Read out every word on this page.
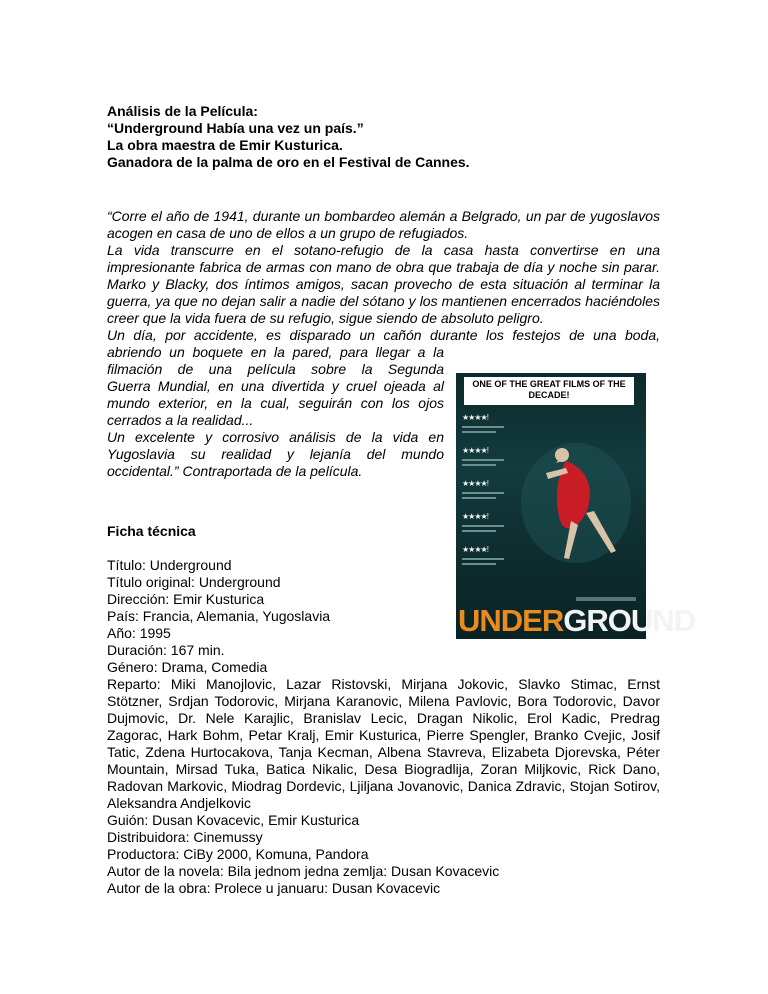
Análisis de la Película:

“Underground Había una vez un país.”

La obra maestra de Emir Kusturica.

Ganadora de la palma de oro en el Festival de Cannes.

“Corre el año de 1941, durante un bombardeo alemán a Belgrado, un par de yugoslavos acogen en casa de uno de ellos a un grupo de refugiados.

La vida transcurre en el sotano-refugio de la casa hasta convertirse en una impresionante fabrica de armas con mano de obra que trabaja de día y noche sin parar. Marko y Blacky, dos íntimos amigos, sacan provecho de esta situación al terminar la guerra, ya que no dejan salir a nadie del sótano y los mantienen encerrados haciéndoles creer que la vida fuera de su refugio, sigue siendo de absoluto peligro.

Un día, por accidente, es disparado un cañón durante los festejos de una boda,

abriendo un boquete en la pared, para llegar a la

filmación de una película sobre la Segunda

Guerra Mundial, en una divertida y cruel ojeada al

mundo exterior, en la cual, seguirán con los ojos

cerrados a la realidad...

Un excelente y corrosivo análisis de la vida en

Yugoslavia su realidad y lejanía del mundo

occidental.” Contraportada de la película.

ONE OF THE GREAT FILMS OF THE DECADE!
★★★★!
★★★★!
★★★★!
★★★★!
★★★★!
UNDERGROUND

Ficha técnica

Título: Underground

Título original: Underground

Dirección: Emir Kusturica

País: Francia, Alemania, Yugoslavia

Año: 1995

Duración: 167 min.

Género: Drama, Comedia

Reparto: Miki Manojlovic, Lazar Ristovski, Mirjana Jokovic, Slavko Stimac, Ernst Stötzner, Srdjan Todorovic, Mirjana Karanovic, Milena Pavlovic, Bora Todorovic, Davor Dujmovic, Dr. Nele Karajlic, Branislav Lecic, Dragan Nikolic, Erol Kadic, Predrag Zagorac, Hark Bohm, Petar Kralj, Emir Kusturica, Pierre Spengler, Branko Cvejic, Josif Tatic, Zdena Hurtocakova, Tanja Kecman, Albena Stavreva, Elizabeta Djorevska, Péter Mountain, Mirsad Tuka, Batica Nikalic, Desa Biogradlija, Zoran Miljkovic, Rick Dano, Radovan Markovic, Miodrag Dordevic, Ljiljana Jovanovic, Danica Zdravic, Stojan Sotirov, Aleksandra Andjelkovic

Guión: Dusan Kovacevic, Emir Kusturica

Distribuidora: Cinemussy

Productora: CiBy 2000, Komuna, Pandora

Autor de la novela: Bila jednom jedna zemlja: Dusan Kovacevic

Autor de la obra: Prolece u januaru: Dusan Kovacevic
